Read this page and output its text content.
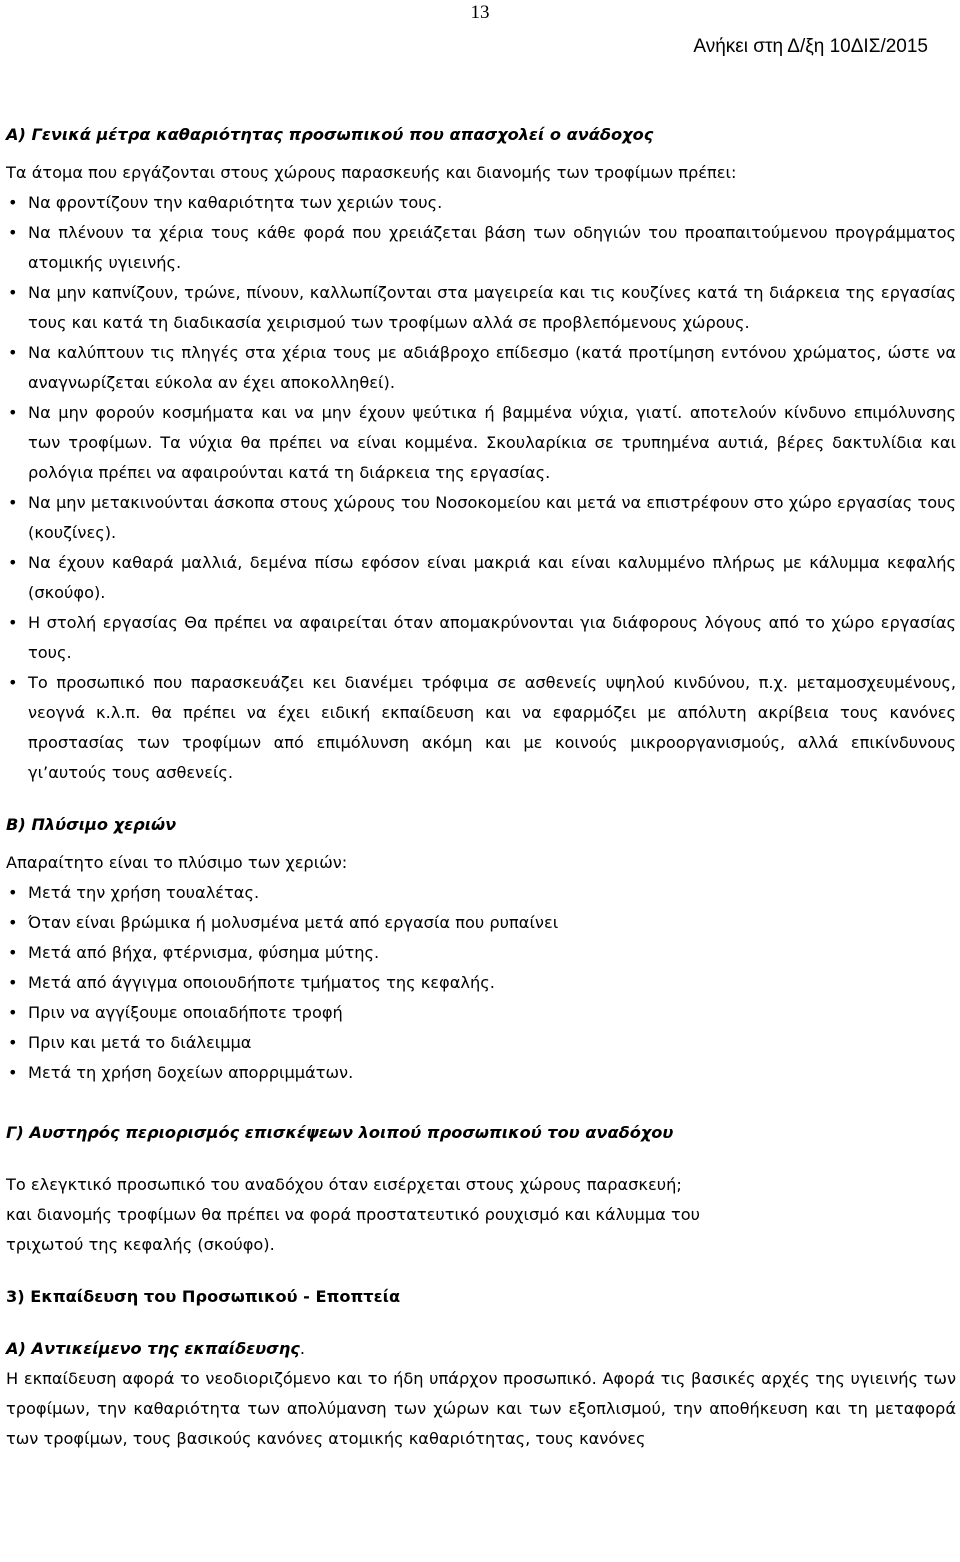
13
Ανήκει στη Δ/ξη 10ΔΙΣ/2015

Α) Γενικά μέτρα καθαριότητας προσωπικού που απασχολεί ο ανάδοχος

Τα άτομα που εργάζονται στους χώρους παρασκευής και διανομής των τροφίμων πρέπει:

• Να φροντίζουν την καθαριότητα των χεριών τους.
• Να πλένουν τα χέρια τους κάθε φορά που χρειάζεται βάση των οδηγιών του προαπαιτούμενου προγράμματος ατομικής υγιεινής.
• Να μην καπνίζουν, τρώνε, πίνουν, καλλωπίζονται στα μαγειρεία και τις κουζίνες κατά τη διάρκεια της εργασίας τους και κατά τη διαδικασία χειρισμού των τροφίμων αλλά σε προβλεπόμενους χώρους.
• Να καλύπτουν τις πληγές στα χέρια τους με αδιάβροχο επίδεσμο (κατά προτίμηση εντόνου χρώματος, ώστε να αναγνωρίζεται εύκολα αν έχει αποκολληθεί).
• Να μην φορούν κοσμήματα και να μην έχουν ψεύτικα ή βαμμένα νύχια, γιατί. αποτελούν κίνδυνο επιμόλυνσης των τροφίμων. Τα νύχια θα πρέπει να είναι κομμένα. Σκουλαρίκια σε τρυπημένα αυτιά, βέρες δακτυλίδια και ρολόγια πρέπει να αφαιρούνται κατά τη διάρκεια της εργασίας.
• Να μην μετακινούνται άσκοπα στους χώρους του Νοσοκομείου και μετά να επιστρέφουν στο χώρο εργασίας τους (κουζίνες).
• Να έχουν καθαρά μαλλιά, δεμένα πίσω εφόσον είναι μακριά και είναι καλυμμένο πλήρως με κάλυμμα κεφαλής (σκούφο).
• Η στολή εργασίας Θα πρέπει να αφαιρείται όταν απομακρύνονται για διάφορους λόγους από το χώρο εργασίας τους.
• Το προσωπικό που παρασκευάζει κει διανέμει τρόφιμα σε ασθενείς υψηλού κινδύνου, π.χ. μεταμοσχευμένους, νεογνά κ.λ.π. θα πρέπει να έχει ειδική εκπαίδευση και να εφαρμόζει με απόλυτη ακρίβεια τους κανόνες προστασίας των τροφίμων από επιμόλυνση ακόμη και με κοινούς μικροοργανισμούς, αλλά επικίνδυνους γι’αυτούς τους ασθενείς.

Β) Πλύσιμο χεριών

Απαραίτητο είναι το πλύσιμο των χεριών:

• Μετά την χρήση τουαλέτας.
• Όταν είναι βρώμικα ή μολυσμένα μετά από εργασία που ρυπαίνει
• Μετά από βήχα, φτέρνισμα, φύσημα μύτης.
• Μετά από άγγιγμα οποιουδήποτε τμήματος της κεφαλής.
• Πριν να αγγίξουμε οποιαδήποτε τροφή
• Πριν και μετά το διάλειμμα
• Μετά τη χρήση δοχείων απορριμμάτων.

Γ) Αυστηρός περιορισμός επισκέψεων λοιπού προσωπικού του αναδόχου

Το ελεγκτικό προσωπικό του αναδόχου όταν εισέρχεται στους χώρους παρασκευή;

και διανομής τροφίμων θα πρέπει να φορά προστατευτικό ρουχισμό και κάλυμμα του

τριχωτού της κεφαλής (σκούφο).

3) Εκπαίδευση του Προσωπικού - Εποπτεία

Α) Αντικείμενο της εκπαίδευσης.

Η εκπαίδευση αφορά το νεοδιοριζόμενο και το ήδη υπάρχον προσωπικό. Αφορά τις βασικές αρχές της υγιεινής των τροφίμων, την καθαριότητα των απολύμανση των χώρων και των εξοπλισμού, την αποθήκευση και τη μεταφορά των τροφίμων, τους βασικούς κανόνες ατομικής καθαριότητας, τους κανόνες
